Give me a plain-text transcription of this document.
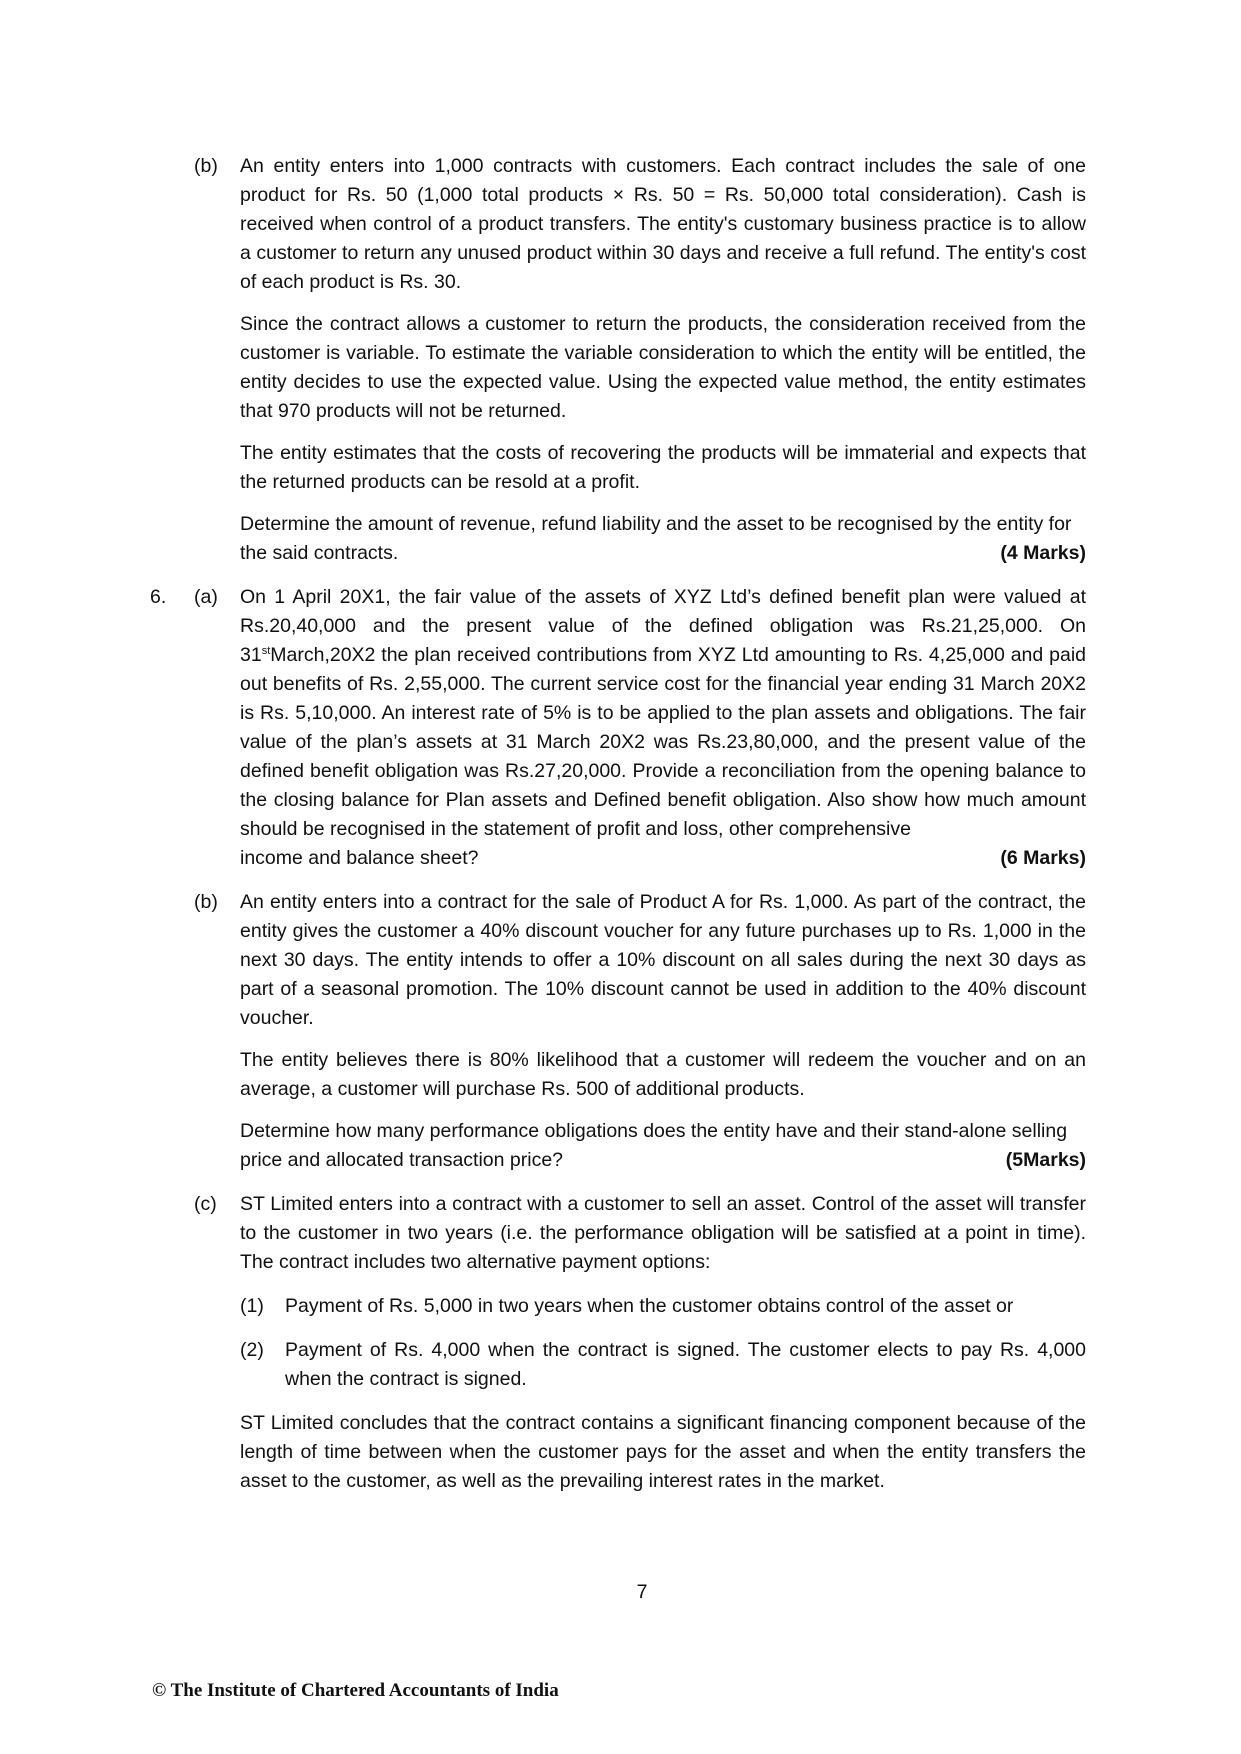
(b) An entity enters into 1,000 contracts with customers. Each contract includes the sale of one product for Rs. 50 (1,000 total products × Rs. 50 = Rs. 50,000 total consideration). Cash is received when control of a product transfers. The entity's customary business practice is to allow a customer to return any unused product within 30 days and receive a full refund. The entity's cost of each product is Rs. 30.

Since the contract allows a customer to return the products, the consideration received from the customer is variable. To estimate the variable consideration to which the entity will be entitled, the entity decides to use the expected value. Using the expected value method, the entity estimates that 970 products will not be returned.

The entity estimates that the costs of recovering the products will be immaterial and expects that the returned products can be resold at a profit.

Determine the amount of revenue, refund liability and the asset to be recognised by the entity for

the said contracts.	(4 Marks)

6. (a) On 1 April 20X1, the fair value of the assets of XYZ Ltd’s defined benefit plan were valued at Rs.20,40,000 and the present value of the defined obligation was Rs.21,25,000. On 31stMarch,20X2 the plan received contributions from XYZ Ltd amounting to Rs. 4,25,000 and paid out benefits of Rs. 2,55,000. The current service cost for the financial year ending 31 March 20X2 is Rs. 5,10,000. An interest rate of 5% is to be applied to the plan assets and obligations. The fair value of the plan’s assets at 31 March 20X2 was Rs.23,80,000, and the present value of the defined benefit obligation was Rs.27,20,000. Provide a reconciliation from the opening balance to the closing balance for Plan assets and Defined benefit obligation. Also show how much amount should be recognised in the statement of profit and loss, other comprehensive

income and balance sheet?	(6 Marks)

(b) An entity enters into a contract for the sale of Product A for Rs. 1,000. As part of the contract, the entity gives the customer a 40% discount voucher for any future purchases up to Rs. 1,000 in the next 30 days. The entity intends to offer a 10% discount on all sales during the next 30 days as part of a seasonal promotion. The 10% discount cannot be used in addition to the 40% discount voucher.

The entity believes there is 80% likelihood that a customer will redeem the voucher and on an average, a customer will purchase Rs. 500 of additional products.

Determine how many performance obligations does the entity have and their stand-alone selling

price and allocated transaction price?	(5Marks)

(c) ST Limited enters into a contract with a customer to sell an asset. Control of the asset will transfer to the customer in two years (i.e. the performance obligation will be satisfied at a point in time). The contract includes two alternative payment options:

(1) Payment of Rs. 5,000 in two years when the customer obtains control of the asset or
(2) Payment of Rs. 4,000 when the contract is signed. The customer elects to pay Rs. 4,000 when the contract is signed.

ST Limited concludes that the contract contains a significant financing component because of the length of time between when the customer pays for the asset and when the entity transfers the asset to the customer, as well as the prevailing interest rates in the market.

7
© The Institute of Chartered Accountants of India
